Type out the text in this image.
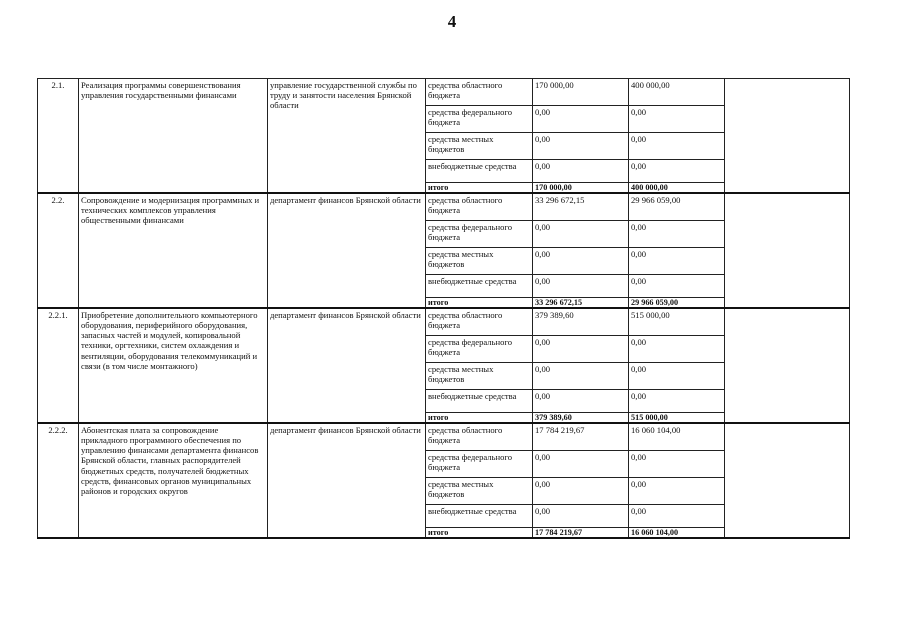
4
2.1.	Реализация программы совершенствования управления государственными финансами	управление государственной службы по труду и занятости населения Брянской области	средства областного бюджета	170 000,00	400 000,00	
			средства федерального бюджета	0,00	0,00	
			средства местных бюджетов	0,00	0,00	
			внебюджетные средства	0,00	0,00	
			итого	170 000,00	400 000,00	
2.2.	Сопровождение и модернизация программных и технических комплексов управления общественными финансами	департамент финансов Брянской области	средства областного бюджета	33 296 672,15	29 966 059,00	
			средства федерального бюджета	0,00	0,00	
			средства местных бюджетов	0,00	0,00	
			внебюджетные средства	0,00	0,00	
			итого	33 296 672,15	29 966 059,00	
2.2.1.	Приобретение дополнительного компьютерного оборудования, периферийного оборудования, запасных частей и модулей, копировальной техники, оргтехники, систем охлаждения и вентиляции, оборудования телекоммуникаций и связи (в том числе монтажного)	департамент финансов Брянской области	средства областного бюджета	379 389,60	515 000,00	
			средства федерального бюджета	0,00	0,00	
			средства местных бюджетов	0,00	0,00	
			внебюджетные средства	0,00	0,00	
			итого	379 389,60	515 000,00	
2.2.2.	Абонентская плата за сопровождение прикладного программного обеспечения по управлению финансами департамента финансов Брянской области, главных распорядителей бюджетных средств, получателей бюджетных средств, финансовых органов муниципальных районов и городских округов	департамент финансов Брянской области	средства областного бюджета	17 784 219,67	16 060 104,00	
			средства федерального бюджета	0,00	0,00	
			средства местных бюджетов	0,00	0,00	
			внебюджетные средства	0,00	0,00	
			итого	17 784 219,67	16 060 104,00	
